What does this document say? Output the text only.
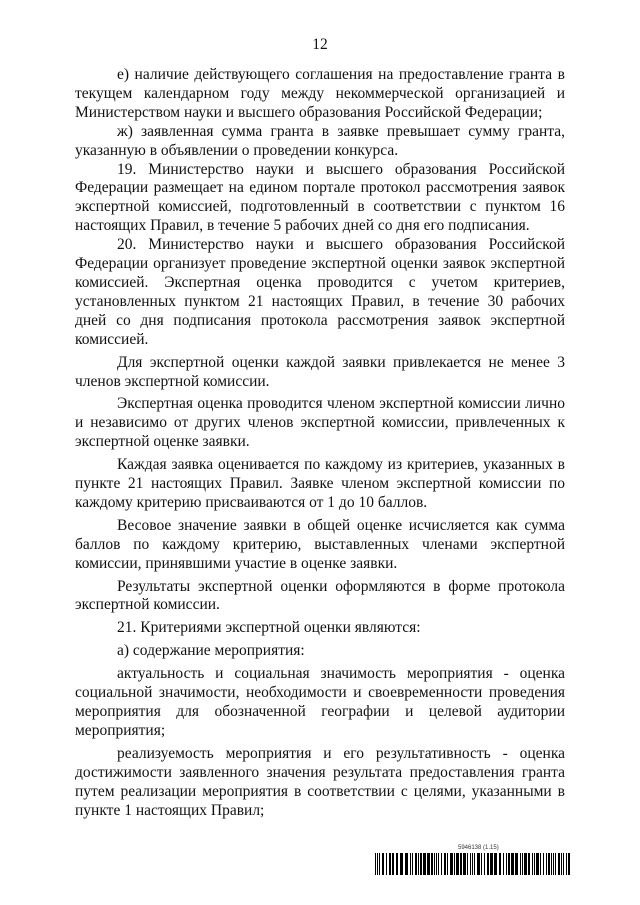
12

е) наличие действующего соглашения на предоставление гранта в текущем календарном году между некоммерческой организацией и Министерством науки и высшего образования Российской Федерации;

ж) заявленная сумма гранта в заявке превышает сумму гранта, указанную в объявлении о проведении конкурса.

19. Министерство науки и высшего образования Российской Федерации размещает на едином портале протокол рассмотрения заявок экспертной комиссией, подготовленный в соответствии с пунктом 16 настоящих Правил, в течение 5 рабочих дней со дня его подписания.

20. Министерство науки и высшего образования Российской Федерации организует проведение экспертной оценки заявок экспертной комиссией. Экспертная оценка проводится с учетом критериев, установленных пунктом 21 настоящих Правил, в течение 30 рабочих дней со дня подписания протокола рассмотрения заявок экспертной комиссией.

Для экспертной оценки каждой заявки привлекается не менее 3 членов экспертной комиссии.

Экспертная оценка проводится членом экспертной комиссии лично и независимо от других членов экспертной комиссии, привлеченных к экспертной оценке заявки.

Каждая заявка оценивается по каждому из критериев, указанных в пункте 21 настоящих Правил. Заявке членом экспертной комиссии по каждому критерию присваиваются от 1 до 10 баллов.

Весовое значение заявки в общей оценке исчисляется как сумма баллов по каждому критерию, выставленных членами экспертной комиссии, принявшими участие в оценке заявки.

Результаты экспертной оценки оформляются в форме протокола экспертной комиссии.

21. Критериями экспертной оценки являются:

а) содержание мероприятия:

актуальность и социальная значимость мероприятия - оценка социальной значимости, необходимости и своевременности проведения мероприятия для обозначенной географии и целевой аудитории мероприятия;

реализуемость мероприятия и его результативность - оценка достижимости заявленного значения результата предоставления гранта путем реализации мероприятия в соответствии с целями, указанными в пункте 1 настоящих Правил;

5946138 (1.15)
